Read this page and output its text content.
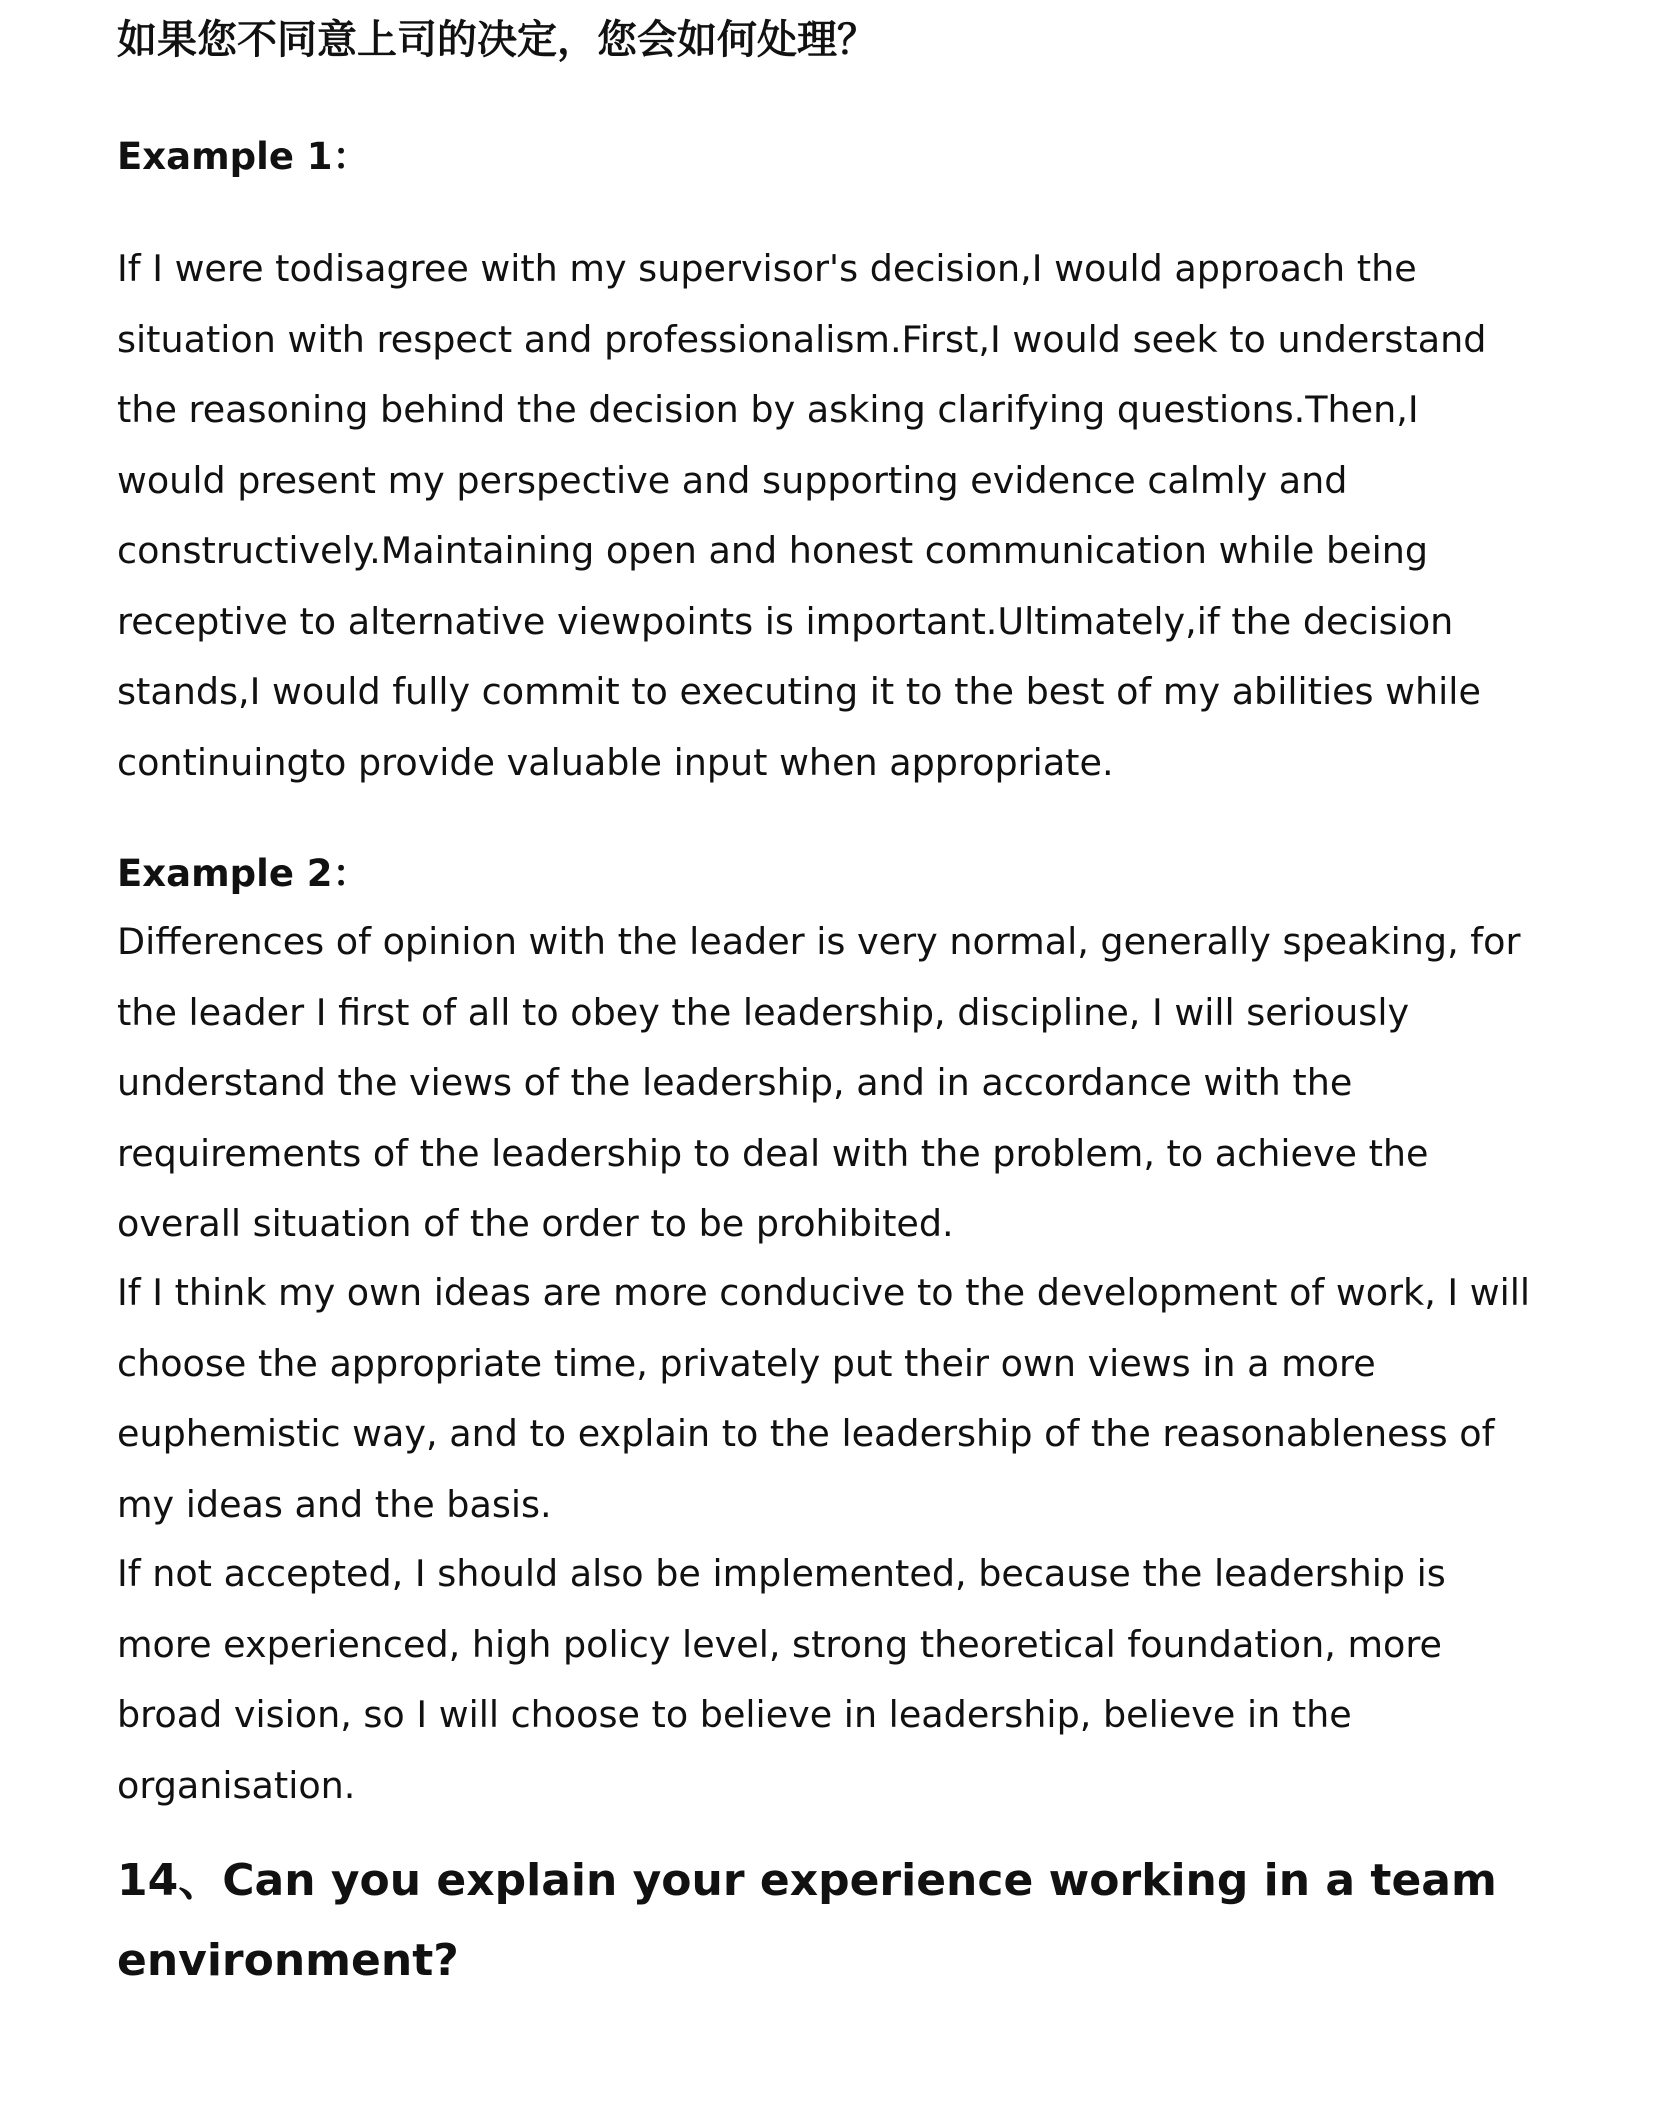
如果您不同意上司的决定，您会如何处理？
Example 1：
If I were todisagree with my supervisor's decision,I would approach the
situation with respect and professionalism.First,I would seek to understand
the reasoning behind the decision by asking clarifying questions.Then,I
would present my perspective and supporting evidence calmly and
constructively.Maintaining open and honest communication while being
receptive to alternative viewpoints is important.Ultimately,if the decision
stands,I would fully commit to executing it to the best of my abilities while
continuingto provide valuable input when appropriate.
Example 2：
Differences of opinion with the leader is very normal, generally speaking, for
the leader I first of all to obey the leadership, discipline, I will seriously
understand the views of the leadership, and in accordance with the
requirements of the leadership to deal with the problem, to achieve the
overall situation of the order to be prohibited.
If I think my own ideas are more conducive to the development of work, I will
choose the appropriate time, privately put their own views in a more
euphemistic way, and to explain to the leadership of the reasonableness of
my ideas and the basis.
If not accepted, I should also be implemented, because the leadership is
more experienced, high policy level, strong theoretical foundation, more
broad vision, so I will choose to believe in leadership, believe in the
organisation.
14、Can you explain your experience working in a team
environment?
